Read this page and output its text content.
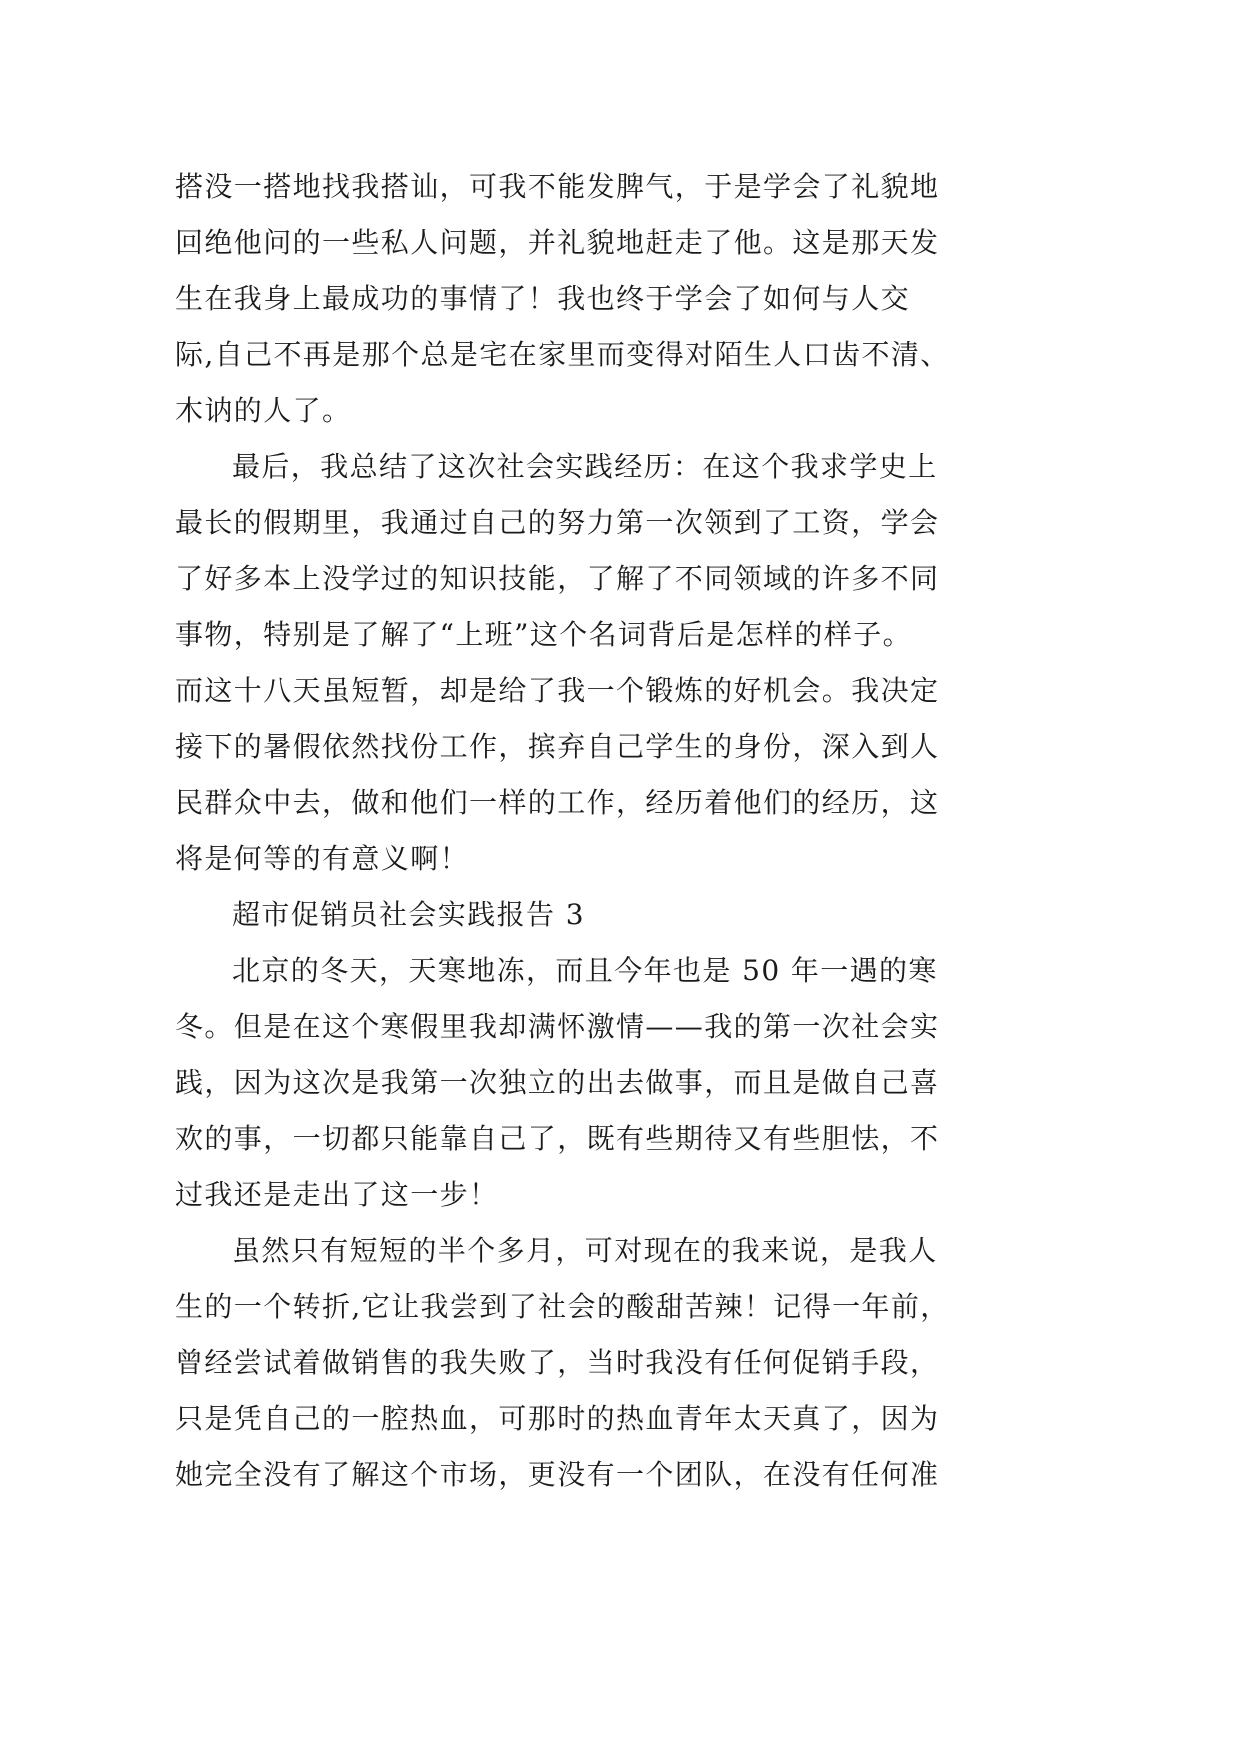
搭没一搭地找我搭讪，可我不能发脾气，于是学会了礼貌地
回绝他问的一些私人问题，并礼貌地赶走了他。这是那天发
生在我身上最成功的事情了！我也终于学会了如何与人交
际,自己不再是那个总是宅在家里而变得对陌生人口齿不清、
木讷的人了。
最后，我总结了这次社会实践经历：在这个我求学史上
最长的假期里，我通过自己的努力第一次领到了工资，学会
了好多本上没学过的知识技能，了解了不同领域的许多不同
事物，特别是了解了“上班”这个名词背后是怎样的样子。
而这十八天虽短暂，却是给了我一个锻炼的好机会。我决定
接下的暑假依然找份工作，摈弃自己学生的身份，深入到人
民群众中去，做和他们一样的工作，经历着他们的经历，这
将是何等的有意义啊！
超市促销员社会实践报告 3
北京的冬天，天寒地冻，而且今年也是 50 年一遇的寒
冬。但是在这个寒假里我却满怀激情——我的第一次社会实
践，因为这次是我第一次独立的出去做事，而且是做自己喜
欢的事，一切都只能靠自己了，既有些期待又有些胆怯，不
过我还是走出了这一步！
虽然只有短短的半个多月，可对现在的我来说，是我人
生的一个转折,它让我尝到了社会的酸甜苦辣！记得一年前，
曾经尝试着做销售的我失败了，当时我没有任何促销手段，
只是凭自己的一腔热血，可那时的热血青年太天真了，因为
她完全没有了解这个市场，更没有一个团队，在没有任何准
